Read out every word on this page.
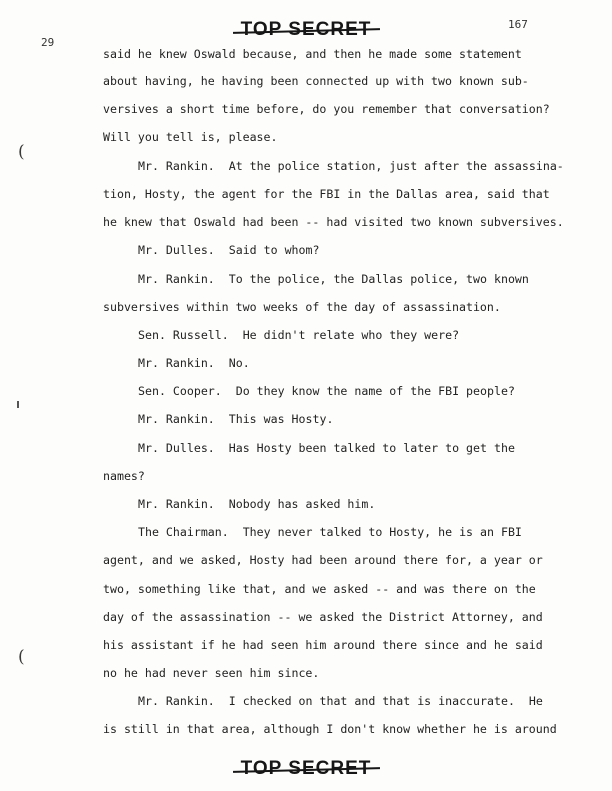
TOP SECRET	167
29
(
(
said he knew Oswald because, and then he made some statement
about having, he having been connected up with two known sub-
versives a short time before, do you remember that conversation?
Will you tell is, please.
Mr. Rankin.  At the police station, just after the assassina-
tion, Hosty, the agent for the FBI in the Dallas area, said that
he knew that Oswald had been -- had visited two known subversives.
Mr. Dulles.  Said to whom?
Mr. Rankin.  To the police, the Dallas police, two known
subversives within two weeks of the day of assassination.
Sen. Russell.  He didn't relate who they were?
Mr. Rankin.  No.
Sen. Cooper.  Do they know the name of the FBI people?
Mr. Rankin.  This was Hosty.
Mr. Dulles.  Has Hosty been talked to later to get the
names?
Mr. Rankin.  Nobody has asked him.
The Chairman.  They never talked to Hosty, he is an FBI
agent, and we asked, Hosty had been around there for, a year or
two, something like that, and we asked -- and was there on the
day of the assassination -- we asked the District Attorney, and
his assistant if he had seen him around there since and he said
no he had never seen him since.
Mr. Rankin.  I checked on that and that is inaccurate.  He
is still in that area, although I don't know whether he is around
TOP SECRET
